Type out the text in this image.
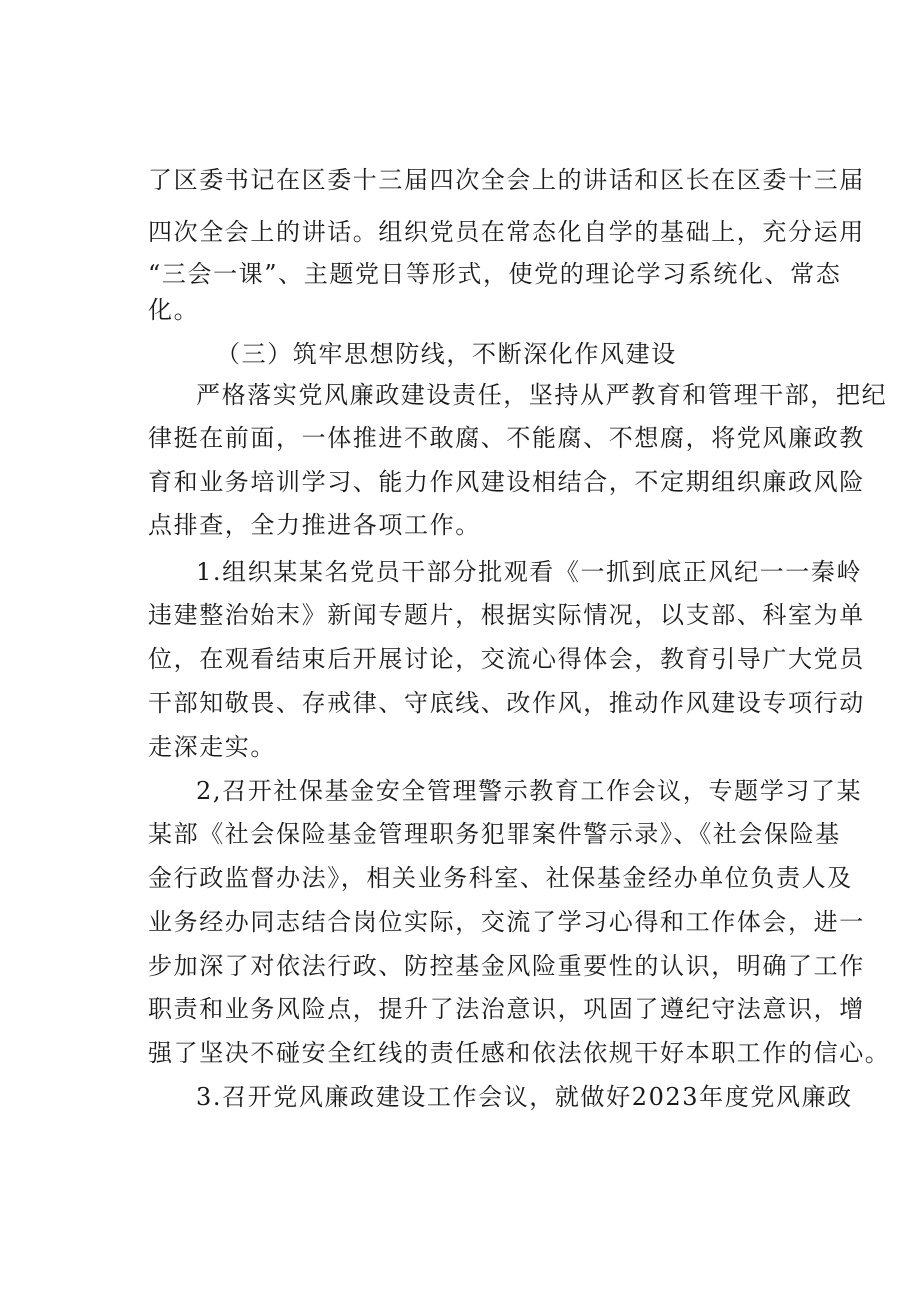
了区委书记在区委十三届四次全会上的讲话和区长在区委十三届
四次全会上的讲话。组织党员在常态化自学的基础上，充分运用
“三会一课”、主题党日等形式，使党的理论学习系统化、常态
化。
（三）筑牢思想防线，不断深化作风建设
严格落实党风廉政建设责任，坚持从严教育和管理干部，把纪
律挺在前面，一体推进不敢腐、不能腐、不想腐，将党风廉政教
育和业务培训学习、能力作风建设相结合，不定期组织廉政风险
点排查，全力推进各项工作。
1.组织某某名党员干部分批观看《一抓到底正风纪一一秦岭
违建整治始末》新闻专题片，根据实际情况，以支部、科室为单
位，在观看结束后开展讨论，交流心得体会，教育引导广大党员
干部知敬畏、存戒律、守底线、改作风，推动作风建设专项行动
走深走实。
2,召开社保基金安全管理警示教育工作会议，专题学习了某
某部《社会保险基金管理职务犯罪案件警示录》、《社会保险基
金行政监督办法》，相关业务科室、社保基金经办单位负责人及
业务经办同志结合岗位实际，交流了学习心得和工作体会，进一
步加深了对依法行政、防控基金风险重要性的认识，明确了工作
职责和业务风险点，提升了法治意识，巩固了遵纪守法意识，增
强了坚决不碰安全红线的责任感和依法依规干好本职工作的信心。
3.召开党风廉政建设工作会议，就做好2023年度党风廉政
